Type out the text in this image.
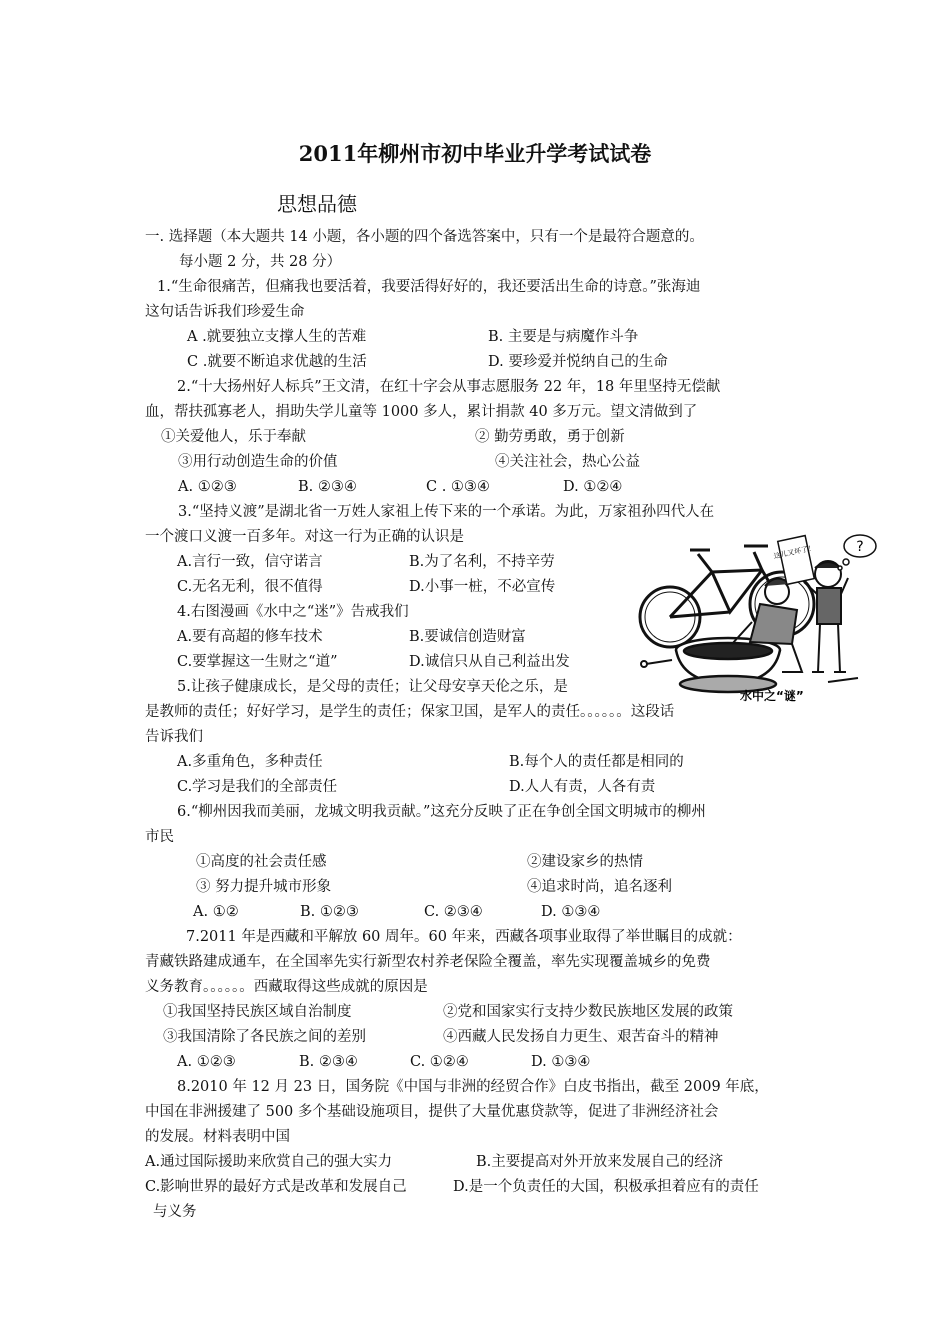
2011年柳州市初中毕业升学考试试卷
思想品德
一. 选择题（本大题共 14 小题，各小题的四个备选答案中，只有一个是最符合题意的。
每小题 2 分，共 28 分）
1.“生命很痛苦，但痛我也要活着，我要活得好好的，我还要活出生命的诗意。”张海迪
这句话告诉我们珍爱生命
A .就要独立支撑人生的苦难	B. 主要是与病魔作斗争
C .就要不断追求优越的生活	D. 要珍爱并悦纳自己的生命
2.“十大扬州好人标兵”王文清，在红十字会从事志愿服务 22 年，18 年里坚持无偿献
血，帮扶孤寡老人，捐助失学儿童等 1000 多人，累计捐款 40 多万元。望文清做到了
①关爱他人，乐于奉献	② 勤劳勇敢，勇于创新
③用行动创造生命的价值	④关注社会，热心公益
A. ①②③	B. ②③④	C . ①③④	D. ①②④
3.“坚持义渡”是湖北省一万姓人家祖上传下来的一个承诺。为此，万家祖孙四代人在
一个渡口义渡一百多年。对这一行为正确的认识是
A.言行一致，信守诺言	B.为了名利，不持辛劳
C.无名无利，很不值得	D.小事一桩，不必宣传
4.右图漫画《水中之“迷”》告戒我们
A.要有高超的修车技术	B.要诚信创造财富
C.要掌握这一生财之“道”	D.诚信只从自己利益出发
?
这儿又坏了！
水中之“谜”
5.让孩子健康成长，是父母的责任；让父母安享天伦之乐，是
是教师的责任；好好学习，是学生的责任；保家卫国，是军人的责任。。。。。。这段话
告诉我们
A.多重角色，多种责任	B.每个人的责任都是相同的
C.学习是我们的全部责任	D.人人有责，人各有责
6.“柳州因我而美丽，龙城文明我贡献。”这充分反映了正在争创全国文明城市的柳州
市民
①高度的社会责任感	②建设家乡的热情
③ 努力提升城市形象	④追求时尚，追名逐利
A. ①②	B. ①②③	C. ②③④	D. ①③④
7.2011 年是西藏和平解放 60 周年。60 年来，西藏各项事业取得了举世瞩目的成就：
青藏铁路建成通车，在全国率先实行新型农村养老保险全覆盖，率先实现覆盖城乡的免费
义务教育。。。。。。西藏取得这些成就的原因是
①我国坚持民族区域自治制度	②党和国家实行支持少数民族地区发展的政策
③我国清除了各民族之间的差别	④西藏人民发扬自力更生、艰苦奋斗的精神
A. ①②③	B. ②③④	C. ①②④	D. ①③④
8.2010 年 12 月 23 日，国务院《中国与非洲的经贸合作》白皮书指出，截至 2009 年底，
中国在非洲援建了 500 多个基础设施项目，提供了大量优惠贷款等，促进了非洲经济社会
的发展。材料表明中国
A.通过国际援助来欣赏自己的强大实力	B.主要提高对外开放来发展自己的经济
C.影响世界的最好方式是改革和发展自己	D.是一个负责任的大国，积极承担着应有的责任
与义务
